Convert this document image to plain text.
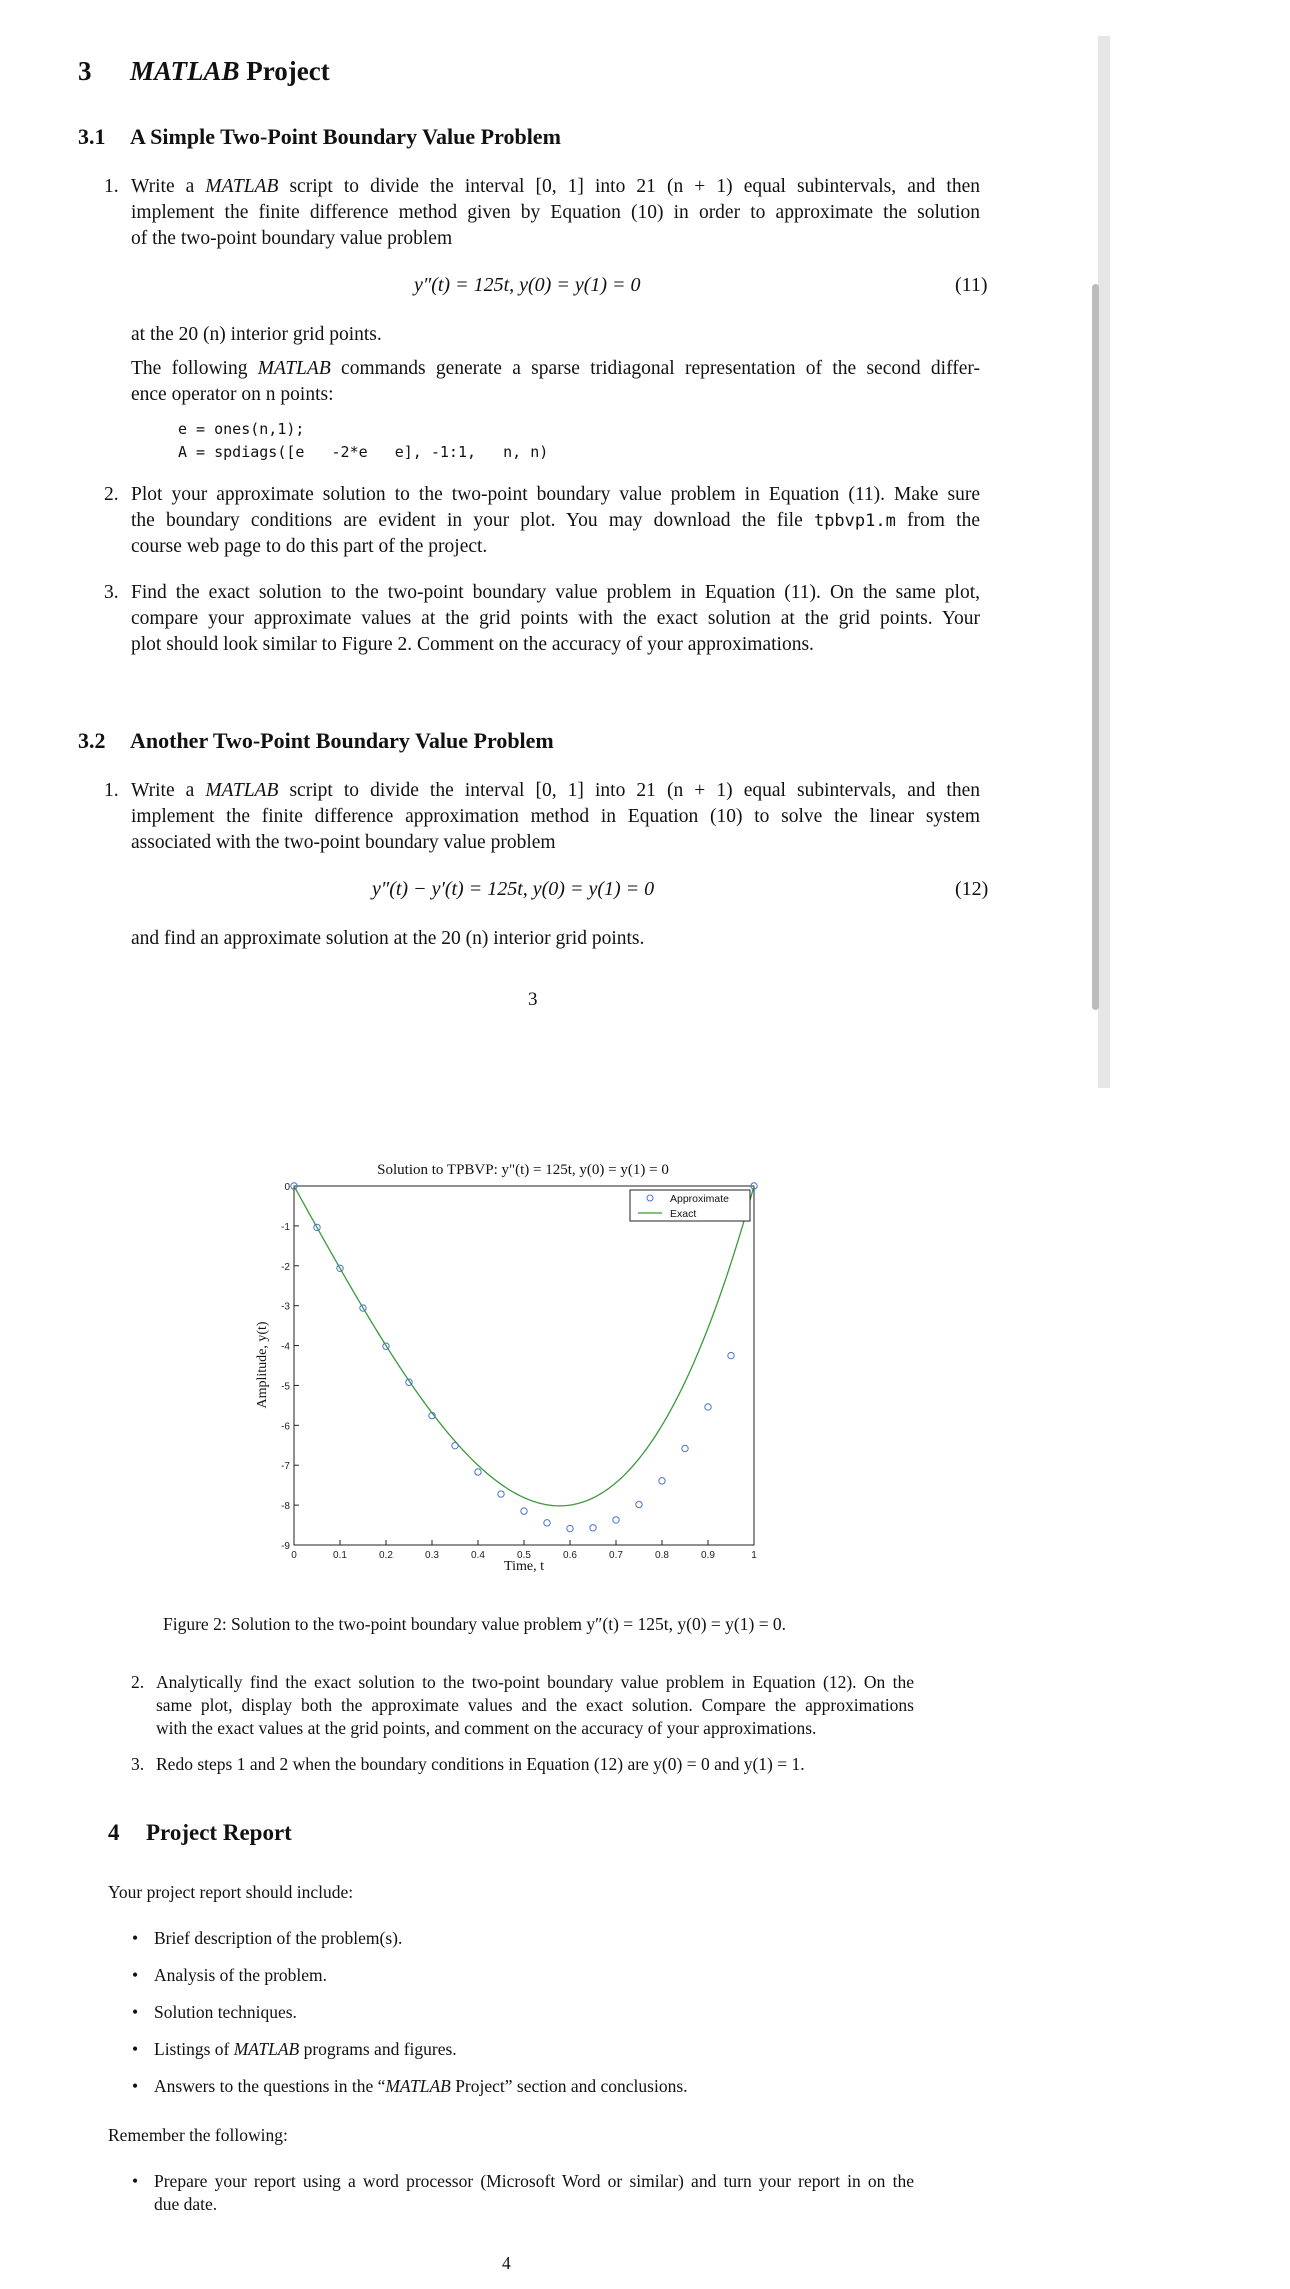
3 MATLAB Project
3.1 A Simple Two-Point Boundary Value Problem
1. Write a MATLAB script to divide the interval [0, 1] into 21 (n + 1) equal subintervals, and then
implement the finite difference method given by Equation (10) in order to approximate the solution
of the two-point boundary value problem
y″(t) = 125t, y(0) = y(1) = 0	(11)
at the 20 (n) interior grid points.
The following MATLAB commands generate a sparse tridiagonal representation of the second differ-
ence operator on n points:
e = ones(n,1);
A = spdiags([e   -2*e   e], -1:1,   n, n)
2. Plot your approximate solution to the two-point boundary value problem in Equation (11). Make sure
the boundary conditions are evident in your plot. You may download the file tpbvp1.m from the
course web page to do this part of the project.
3. Find the exact solution to the two-point boundary value problem in Equation (11). On the same plot,
compare your approximate values at the grid points with the exact solution at the grid points. Your
plot should look similar to Figure 2. Comment on the accuracy of your approximations.
3.2 Another Two-Point Boundary Value Problem
1. Write a MATLAB script to divide the interval [0, 1] into 21 (n + 1) equal subintervals, and then
implement the finite difference approximation method in Equation (10) to solve the linear system
associated with the two-point boundary value problem
y″(t) − y′(t) = 125t, y(0) = y(1) = 0	(12)
and find an approximate solution at the 20 (n) interior grid points.
3
Solution to TPBVP: y"(t) = 125t, y(0) = y(1) = 0
0	0.1	0.2	0.3	0.4	0.5	0.6	0.7	0.8	0.9	1
0
-1
-2
-3
-4
-5
-6
-7
-8
-9
Time, t
Amplitude, y(t)
Approximate
Exact
Figure 2: Solution to the two-point boundary value problem y″(t) = 125t, y(0) = y(1) = 0.
2. Analytically find the exact solution to the two-point boundary value problem in Equation (12). On the
same plot, display both the approximate values and the exact solution. Compare the approximations
with the exact values at the grid points, and comment on the accuracy of your approximations.
3. Redo steps 1 and 2 when the boundary conditions in Equation (12) are y(0) = 0 and y(1) = 1.
4 Project Report
Your project report should include:
• Brief description of the problem(s).
• Analysis of the problem.
• Solution techniques.
• Listings of MATLAB programs and figures.
• Answers to the questions in the “MATLAB Project” section and conclusions.
Remember the following:
• Prepare your report using a word processor (Microsoft Word or similar) and turn your report in on the
due date.
4
